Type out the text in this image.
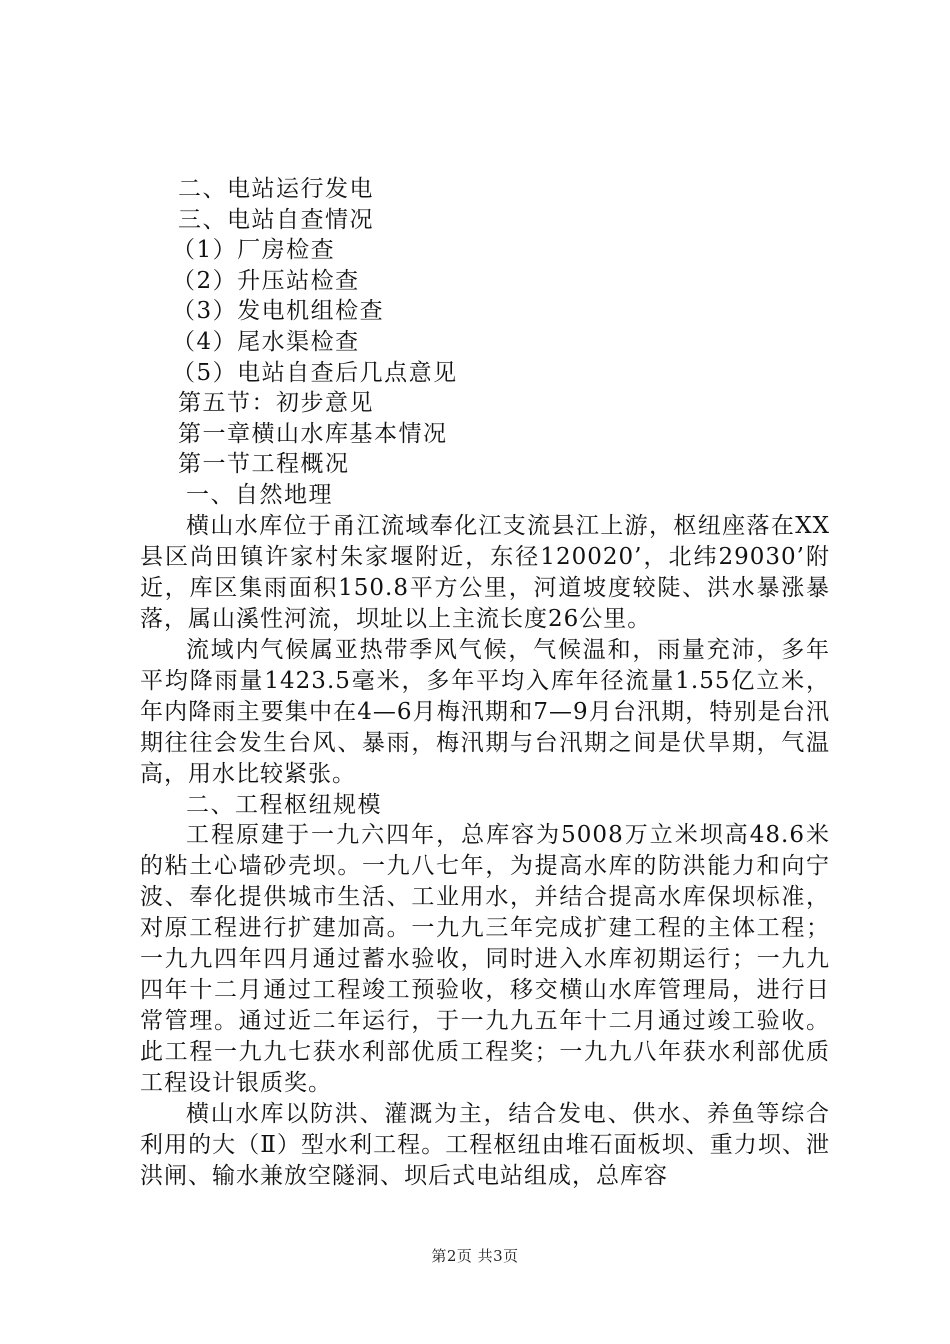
二、电站运行发电
三、电站自查情况
（1）厂房检查
（2）升压站检查
（3）发电机组检查
（4）尾水渠检查
（5）电站自查后几点意见
第五节：初步意见
第一章横山水库基本情况
第一节工程概况
一、自然地理

横山水库位于甬江流域奉化江支流县江上游，枢纽座落在XX县区尚田镇许家村朱家堰附近，东径120020’，北纬29030’附近，库区集雨面积150.8平方公里，河道坡度较陡、洪水暴涨暴落，属山溪性河流，坝址以上主流长度26公里。

流域内气候属亚热带季风气候，气候温和，雨量充沛，多年平均降雨量1423.5毫米，多年平均入库年径流量1.55亿立米，年内降雨主要集中在4—6月梅汛期和7—9月台汛期，特别是台汛期往往会发生台风、暴雨，梅汛期与台汛期之间是伏旱期，气温高，用水比较紧张。

二、工程枢纽规模

工程原建于一九六四年，总库容为5008万立米坝高48.6米的粘土心墙砂壳坝。一九八七年，为提高水库的防洪能力和向宁波、奉化提供城市生活、工业用水，并结合提高水库保坝标准，对原工程进行扩建加高。一九九三年完成扩建工程的主体工程；一九九四年四月通过蓄水验收，同时进入水库初期运行；一九九四年十二月通过工程竣工预验收，移交横山水库管理局，进行日常管理。通过近二年运行，于一九九五年十二月通过竣工验收。此工程一九九七获水利部优质工程奖；一九九八年获水利部优质工程设计银质奖。

横山水库以防洪、灌溉为主，结合发电、供水、养鱼等综合利用的大（Ⅱ）型水利工程。工程枢纽由堆石面板坝、重力坝、泄洪闸、输水兼放空隧洞、坝后式电站组成，总库容

第2页 共3页
